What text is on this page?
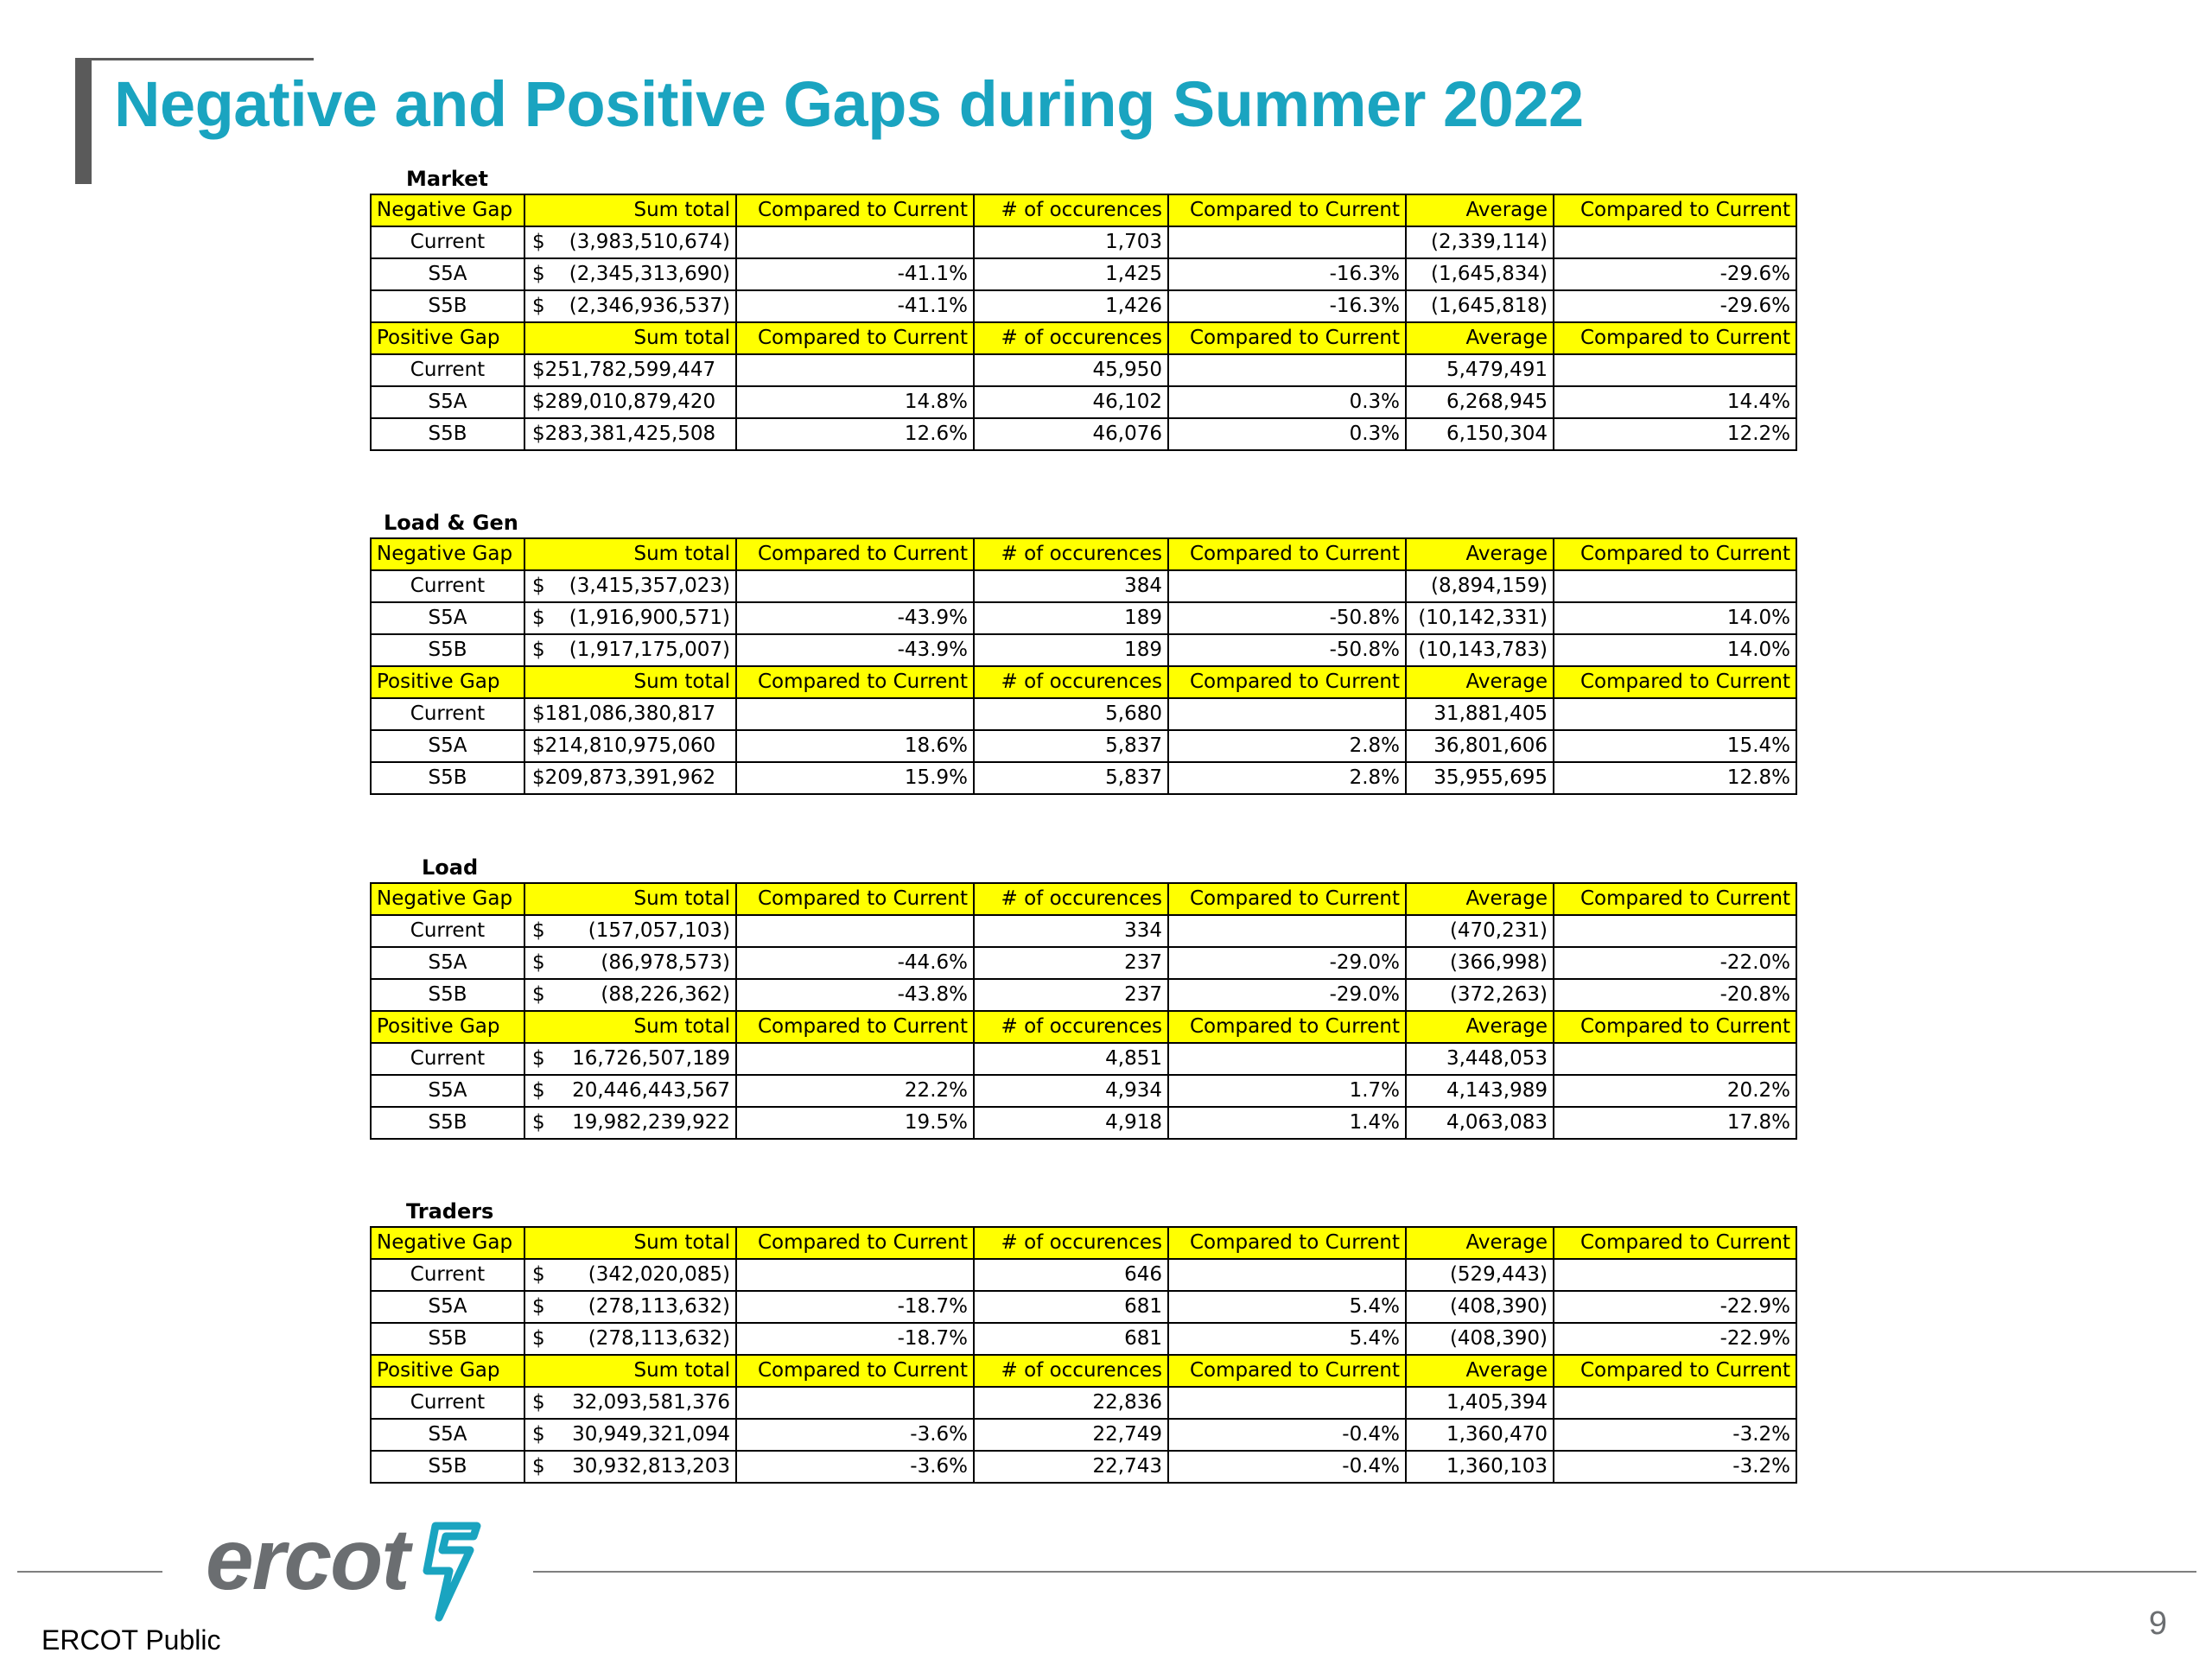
Negative and Positive Gaps during Summer 2022
Market
Negative Gap	Sum total	Compared to Current	# of occurences	Compared to Current	Average	Compared to Current
Current	$ (3,983,510,674)		1,703		(2,339,114)	
S5A	$ (2,345,313,690)	-41.1%	1,425	-16.3%	(1,645,834)	-29.6%
S5B	$ (2,346,936,537)	-41.1%	1,426	-16.3%	(1,645,818)	-29.6%
Positive Gap	Sum total	Compared to Current	# of occurences	Compared to Current	Average	Compared to Current
Current	$251,782,599,447		45,950		5,479,491	
S5A	$289,010,879,420	14.8%	46,102	0.3%	6,268,945	14.4%
S5B	$283,381,425,508	12.6%	46,076	0.3%	6,150,304	12.2%
Load & Gen
Negative Gap	Sum total	Compared to Current	# of occurences	Compared to Current	Average	Compared to Current
Current	$ (3,415,357,023)		384		(8,894,159)	
S5A	$ (1,916,900,571)	-43.9%	189	-50.8%	(10,142,331)	14.0%
S5B	$ (1,917,175,007)	-43.9%	189	-50.8%	(10,143,783)	14.0%
Positive Gap	Sum total	Compared to Current	# of occurences	Compared to Current	Average	Compared to Current
Current	$181,086,380,817		5,680		31,881,405	
S5A	$214,810,975,060	18.6%	5,837	2.8%	36,801,606	15.4%
S5B	$209,873,391,962	15.9%	5,837	2.8%	35,955,695	12.8%
Load
Negative Gap	Sum total	Compared to Current	# of occurences	Compared to Current	Average	Compared to Current
Current	$ (157,057,103)		334		(470,231)	
S5A	$ (86,978,573)	-44.6%	237	-29.0%	(366,998)	-22.0%
S5B	$ (88,226,362)	-43.8%	237	-29.0%	(372,263)	-20.8%
Positive Gap	Sum total	Compared to Current	# of occurences	Compared to Current	Average	Compared to Current
Current	$ 16,726,507,189		4,851		3,448,053	
S5A	$ 20,446,443,567	22.2%	4,934	1.7%	4,143,989	20.2%
S5B	$ 19,982,239,922	19.5%	4,918	1.4%	4,063,083	17.8%
Traders
Negative Gap	Sum total	Compared to Current	# of occurences	Compared to Current	Average	Compared to Current
Current	$ (342,020,085)		646		(529,443)	
S5A	$ (278,113,632)	-18.7%	681	5.4%	(408,390)	-22.9%
S5B	$ (278,113,632)	-18.7%	681	5.4%	(408,390)	-22.9%
Positive Gap	Sum total	Compared to Current	# of occurences	Compared to Current	Average	Compared to Current
Current	$ 32,093,581,376		22,836		1,405,394	
S5A	$ 30,949,321,094	-3.6%	22,749	-0.4%	1,360,470	-3.2%
S5B	$ 30,932,813,203	-3.6%	22,743	-0.4%	1,360,103	-3.2%
ercot
ERCOT Public	9
